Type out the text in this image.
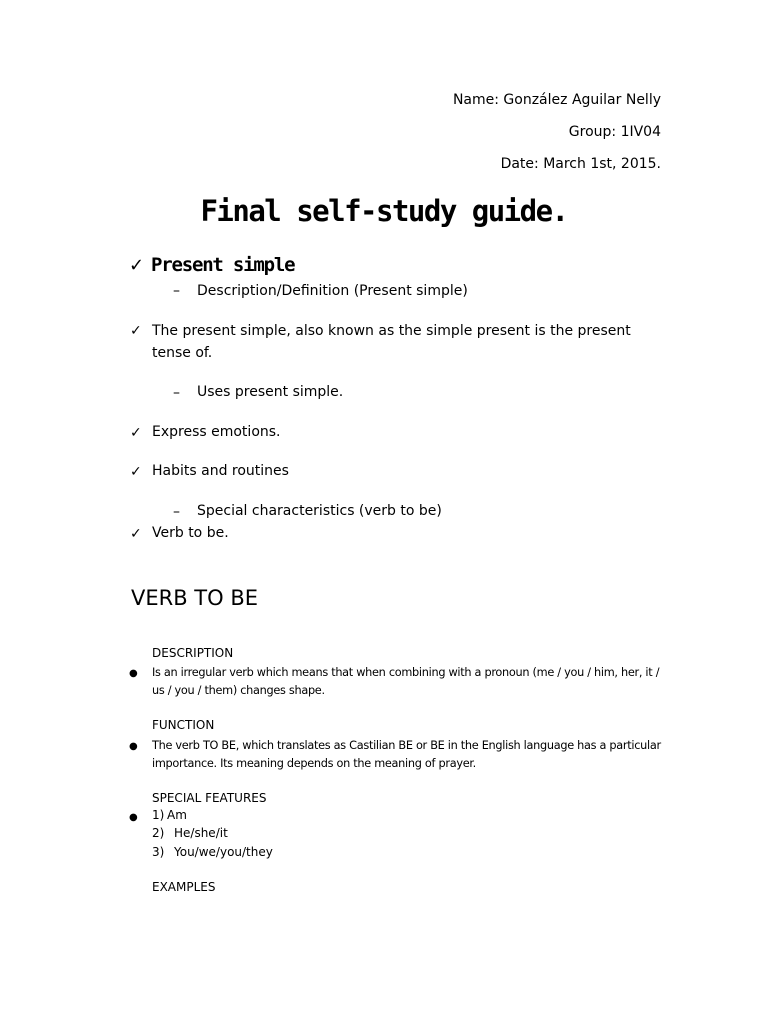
Name: González Aguilar Nelly
Group: 1IV04
Date: March 1st, 2015.
Final self-study guide.
✓ Present simple
– Description/Definition (Present simple)
✓ The present simple, also known as the simple present is the present tense of.
– Uses present simple.
✓ Express emotions.
✓ Habits and routines
– Special characteristics (verb to be)
✓ Verb to be.
VERB TO BE
DESCRIPTION
● Is an irregular verb which means that when combining with a pronoun (me / you / him, her, it / us / you / them) changes shape.
FUNCTION
● The verb TO BE, which translates as Castilian BE or BE in the English language has a particular importance. Its meaning depends on the meaning of prayer.
SPECIAL FEATURES
● 1) Am
2) He/she/it
3) You/we/you/they
EXAMPLES
